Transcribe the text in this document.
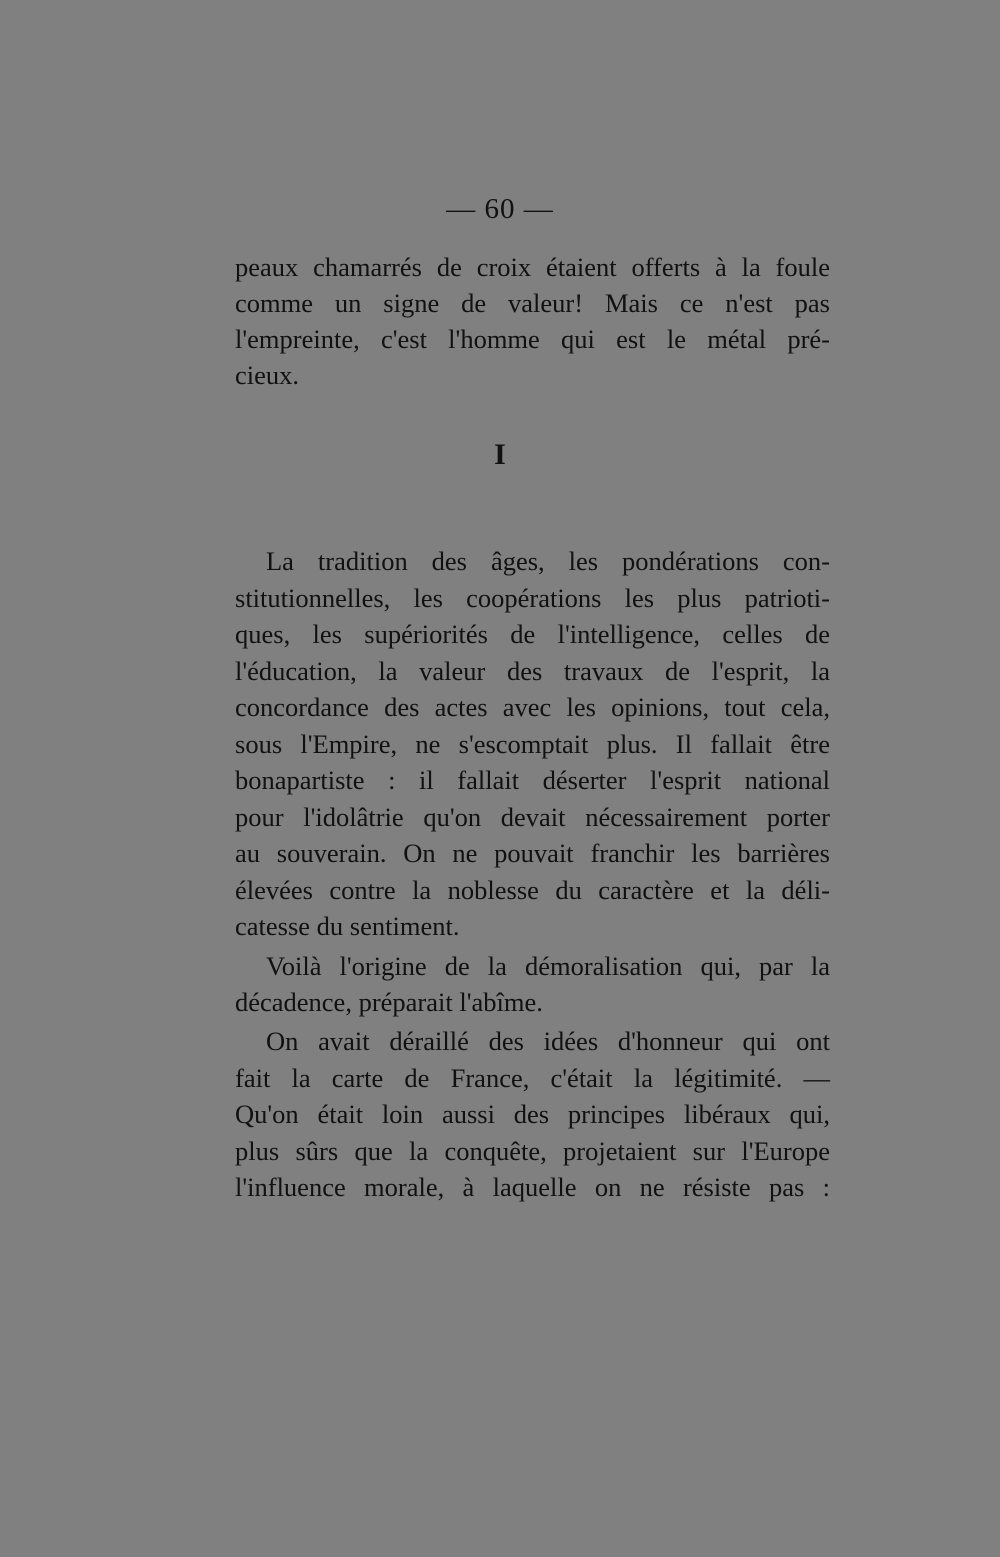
— 60 —
peaux chamarrés de croix étaient offerts à la foule
comme un signe de valeur! Mais ce n'est pas
l'empreinte, c'est l'homme qui est le métal pré-
cieux.
I
La tradition des âges, les pondérations con-
stitutionnelles, les coopérations les plus patrioti-
ques, les supériorités de l'intelligence, celles de
l'éducation, la valeur des travaux de l'esprit, la
concordance des actes avec les opinions, tout cela,
sous l'Empire, ne s'escomptait plus. Il fallait être
bonapartiste : il fallait déserter l'esprit national
pour l'idolâtrie qu'on devait nécessairement porter
au souverain. On ne pouvait franchir les barrières
élevées contre la noblesse du caractère et la déli-
catesse du sentiment.
Voilà l'origine de la démoralisation qui, par la
décadence, préparait l'abîme.
On avait déraillé des idées d'honneur qui ont
fait la carte de France, c'était la légitimité. —
Qu'on était loin aussi des principes libéraux qui,
plus sûrs que la conquête, projetaient sur l'Europe
l'influence morale, à laquelle on ne résiste pas :
